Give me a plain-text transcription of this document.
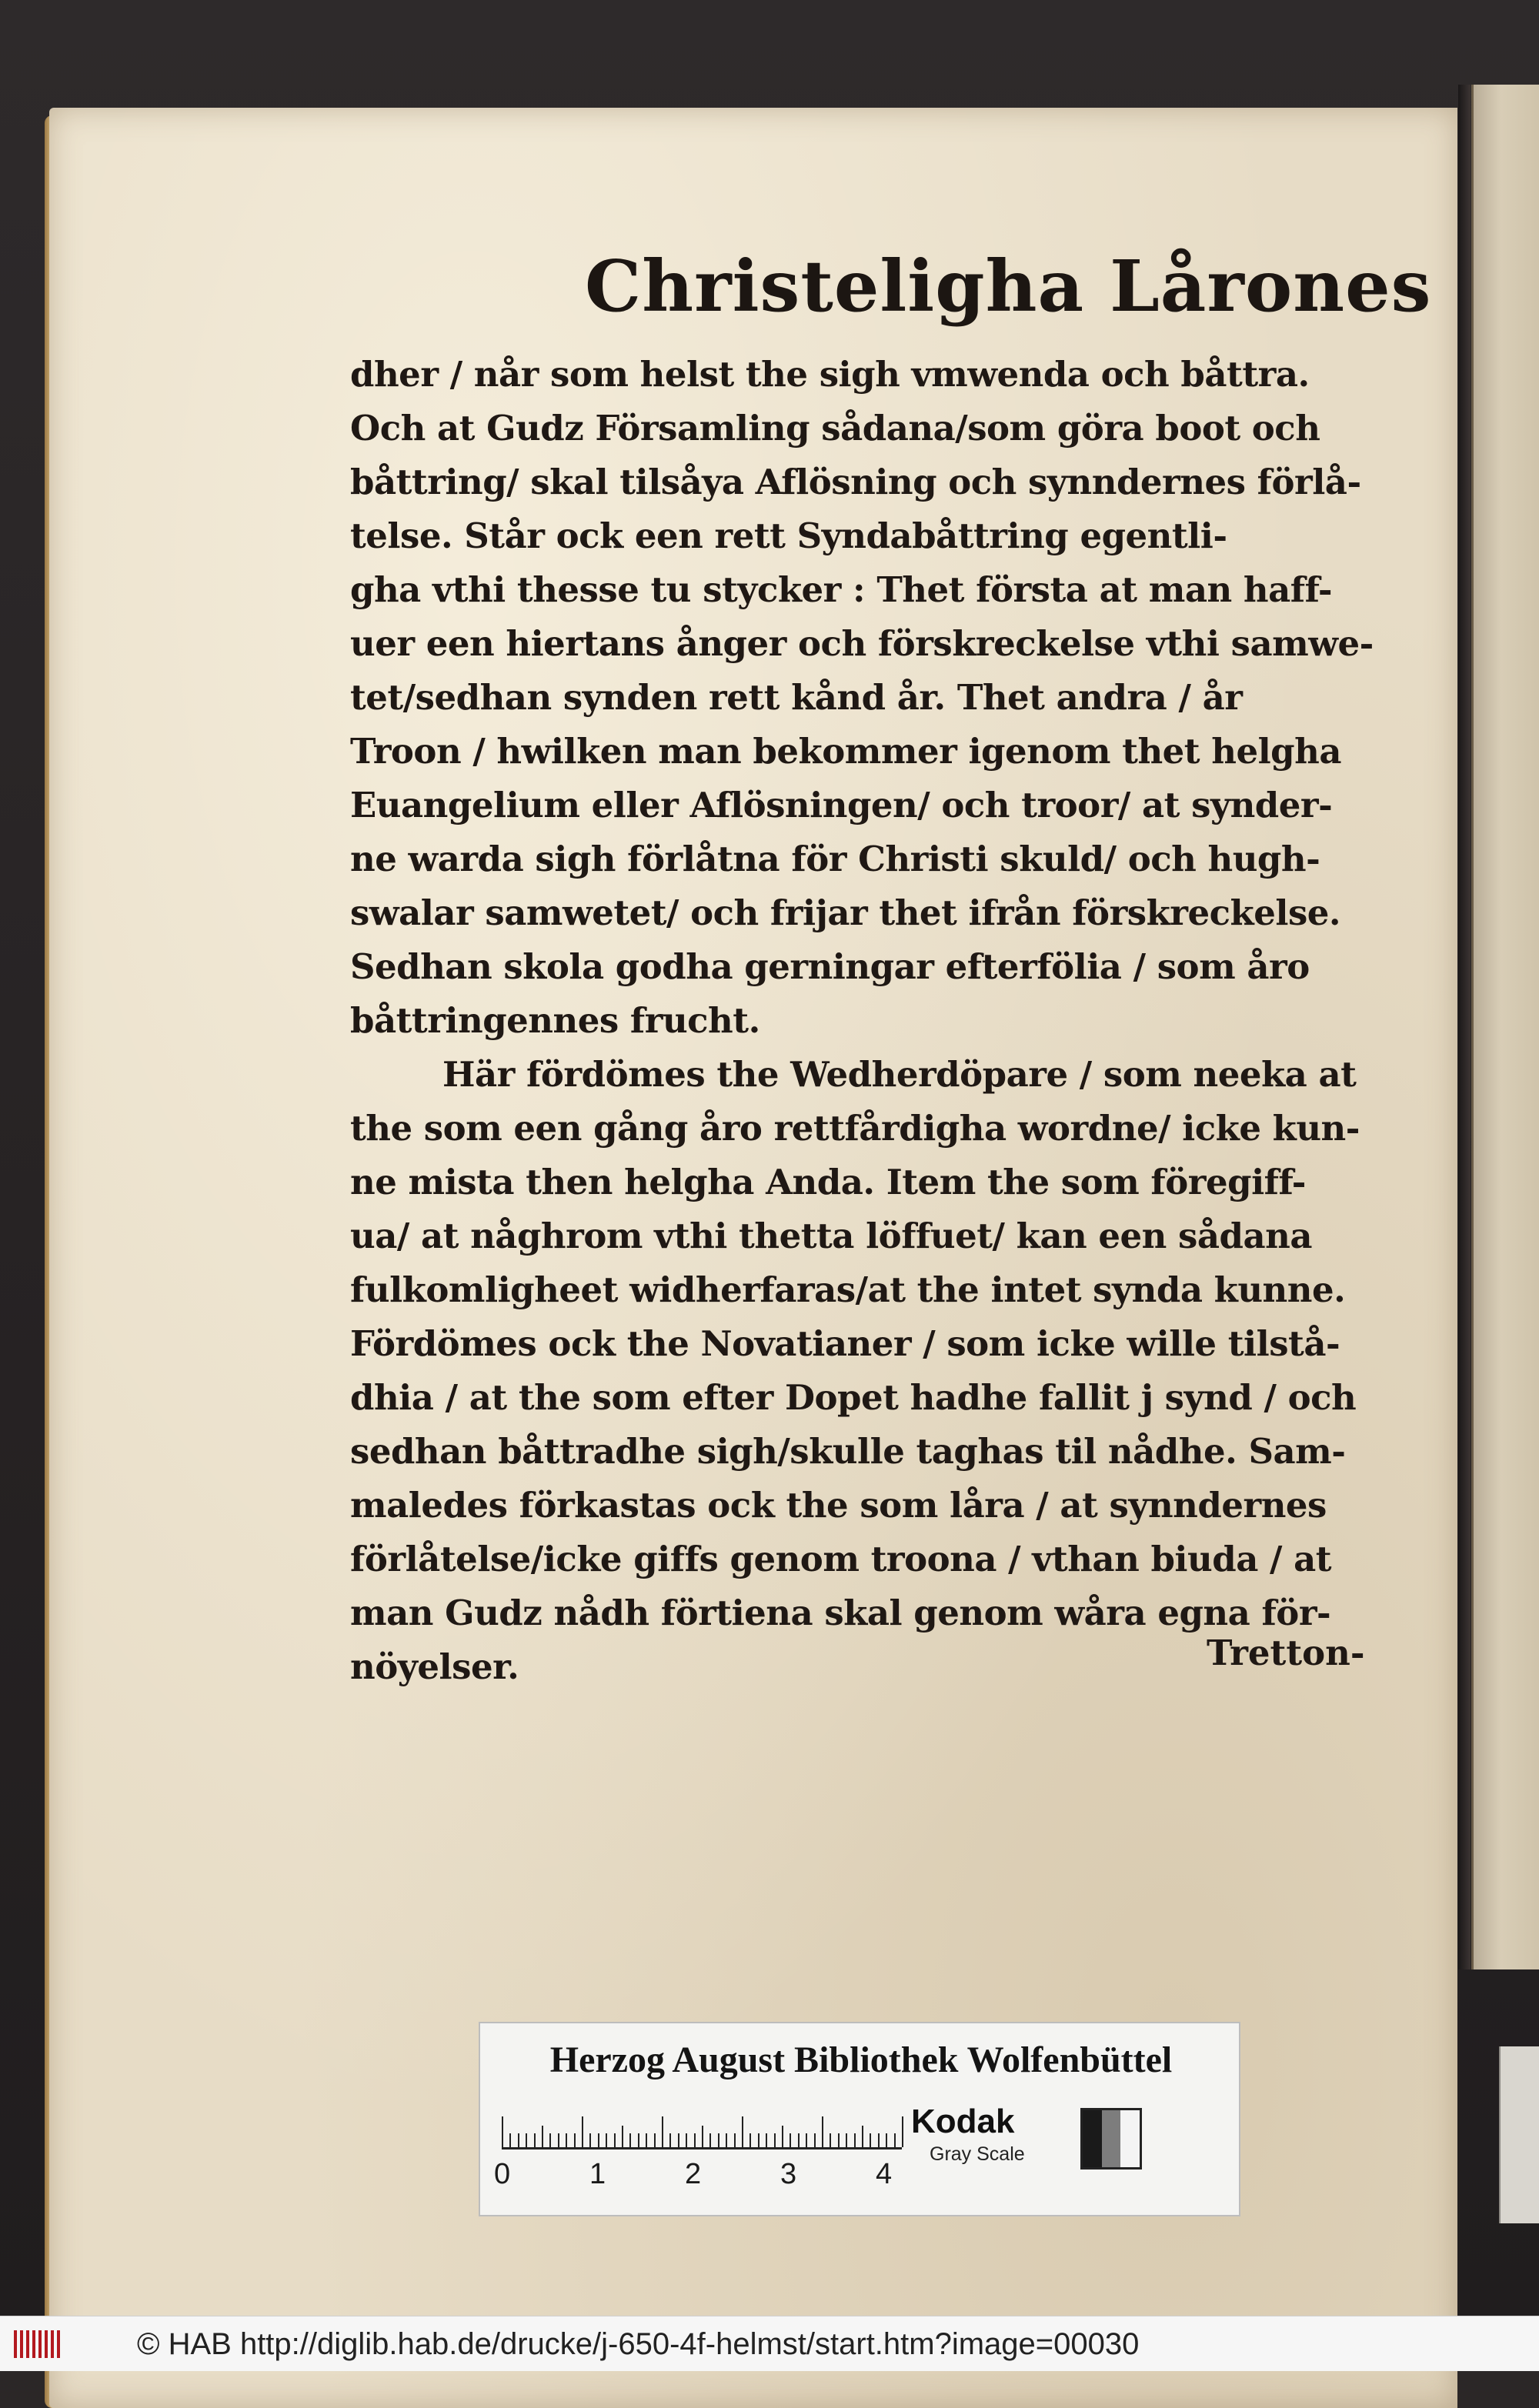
Christeligha Lårones
dher / når som helst the sigh vmwenda och båttra.
Och at Gudz Församling sådana/som göra boot och
båttring/ skal tilsåya Aflösning och synndernes förlå-
telse. Står ock een rett Syndabåttring egentli-
gha vthi thesse tu stycker : Thet första at man haff-
uer een hiertans ånger och förskreckelse vthi samwe-
tet/sedhan synden rett kånd år. Thet andra / år
Troon / hwilken man bekommer igenom thet helgha
Euangelium eller Aflösningen/ och troor/ at synder-
ne warda sigh förlåtna för Christi skuld/ och hugh-
swalar samwetet/ och frijar thet ifrån förskreckelse.
Sedhan skola godha gerningar efterfölia / som åro
båttringennes frucht.
Här fördömes the Wedherdöpare / som neeka at
the som een gång åro rettfårdigha wordne/ icke kun-
ne mista then helgha Anda. Item the som föregiff-
ua/ at någhrom vthi thetta löffuet/ kan een sådana
fulkomligheet widherfaras/at the intet synda kunne.
Fördömes ock the Novatianer / som icke wille tilstå-
dhia / at the som efter Dopet hadhe fallit j synd / och
sedhan båttradhe sigh/skulle taghas til nådhe. Sam-
maledes förkastas ock the som låra / at synndernes
förlåtelse/icke giffs genom troona / vthan biuda / at
man Gudz nådh förtiena skal genom wåra egna för-
nöyelser.	Tretton-
Herzog August Bibliothek Wolfenbüttel
Kodak
Gray Scale
0	1	2	3	4
© HAB http://diglib.hab.de/drucke/j-650-4f-helmst/start.htm?image=00030
